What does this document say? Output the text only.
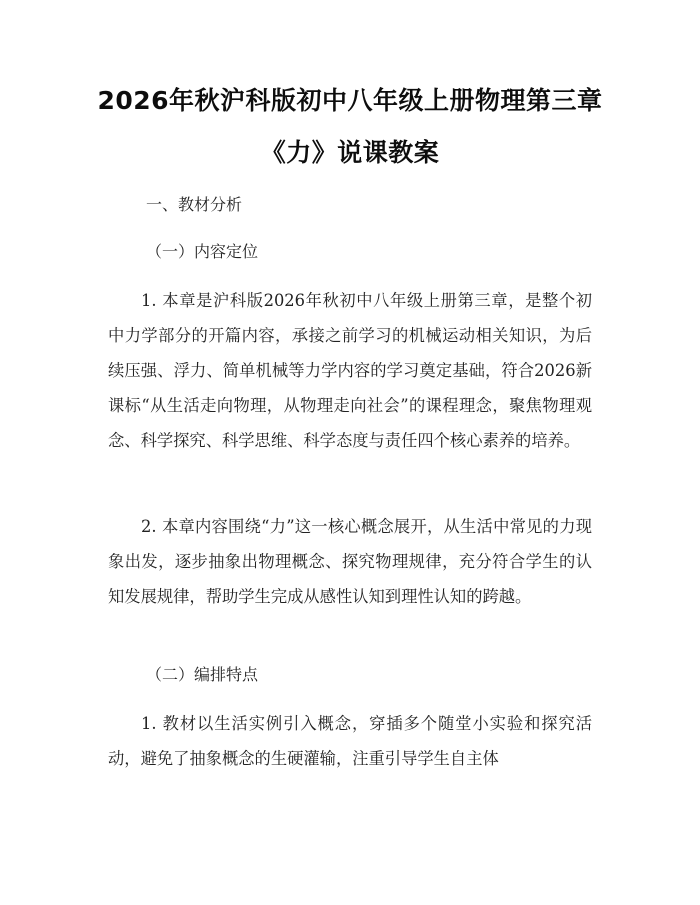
2026年秋沪科版初中八年级上册物理第三章
《力》说课教案
一、教材分析
（一）内容定位

1. 本章是沪科版2026年秋初中八年级上册第三章，是整个初中力学部分的开篇内容，承接之前学习的机械运动相关知识，为后续压强、浮力、简单机械等力学内容的学习奠定基础，符合2026新课标“从生活走向物理，从物理走向社会”的课程理念，聚焦物理观念、科学探究、科学思维、科学态度与责任四个核心素养的培养。

2. 本章内容围绕“力”这一核心概念展开，从生活中常见的力现象出发，逐步抽象出物理概念、探究物理规律，充分符合学生的认知发展规律，帮助学生完成从感性认知到理性认知的跨越。

（二）编排特点

1. 教材以生活实例引入概念，穿插多个随堂小实验和探究活动，避免了抽象概念的生硬灌输，注重引导学生自主体
